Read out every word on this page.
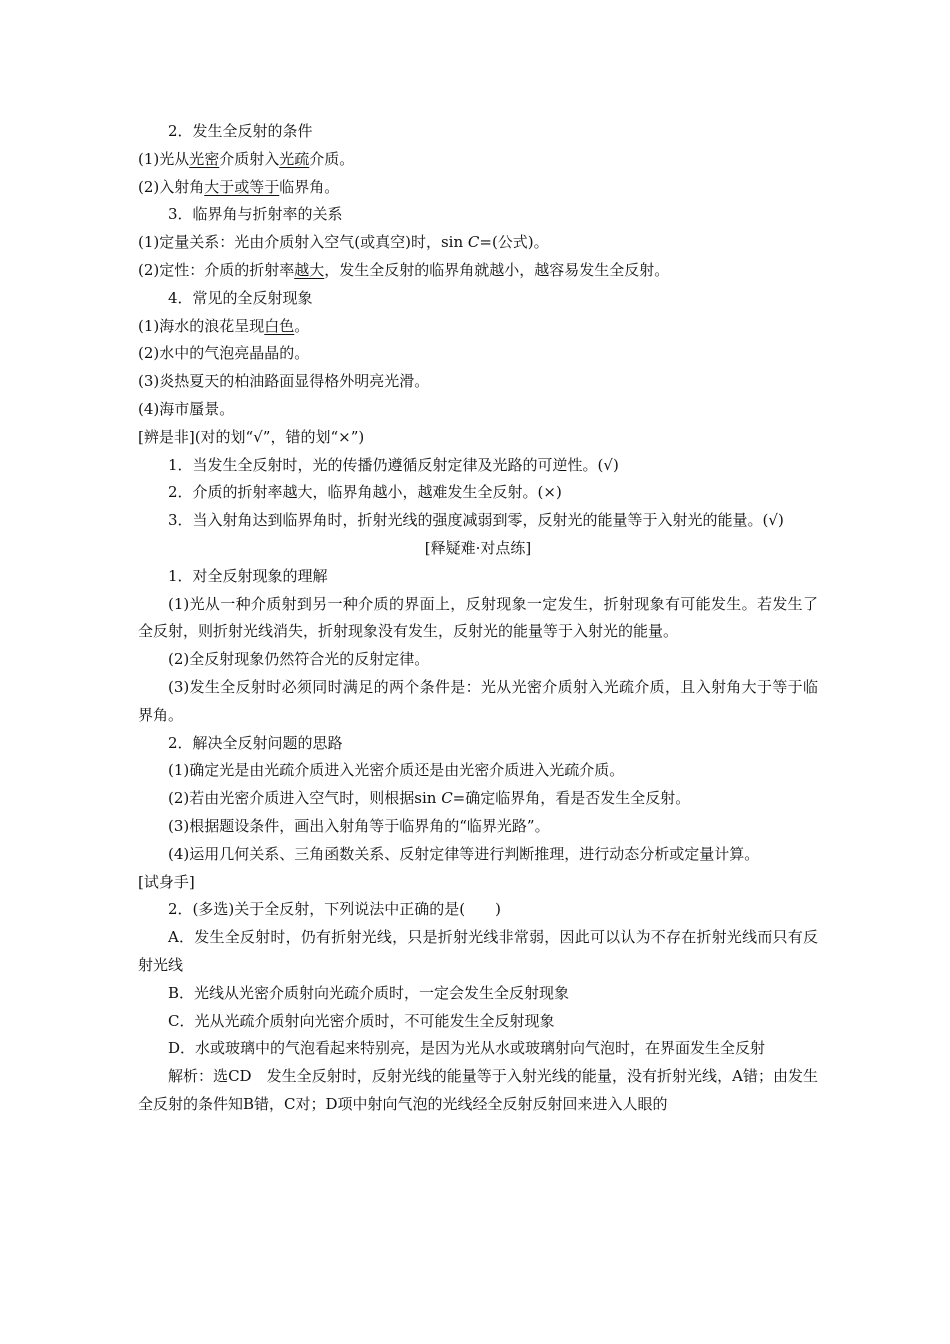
2．发生全反射的条件

(1)光从光密介质射入光疏介质。

(2)入射角大于或等于临界角。

3．临界角与折射率的关系

(1)定量关系：光由介质射入空气(或真空)时，sin C=(公式)。

(2)定性：介质的折射率越大，发生全反射的临界角就越小，越容易发生全反射。

4．常见的全反射现象

(1)海水的浪花呈现白色。

(2)水中的气泡亮晶晶的。

(3)炎热夏天的柏油路面显得格外明亮光滑。

(4)海市蜃景。

[辨是非](对的划“√”，错的划“×”)

1．当发生全反射时，光的传播仍遵循反射定律及光路的可逆性。(√)

2．介质的折射率越大，临界角越小，越难发生全反射。(×)

3．当入射角达到临界角时，折射光线的强度减弱到零，反射光的能量等于入射光的能量。(√)

[释疑难·对点练]

1．对全反射现象的理解

(1)光从一种介质射到另一种介质的界面上，反射现象一定发生，折射现象有可能发生。若发生了全反射，则折射光线消失，折射现象没有发生，反射光的能量等于入射光的能量。

(2)全反射现象仍然符合光的反射定律。

(3)发生全反射时必须同时满足的两个条件是：光从光密介质射入光疏介质，且入射角大于等于临界角。

2．解决全反射问题的思路

(1)确定光是由光疏介质进入光密介质还是由光密介质进入光疏介质。

(2)若由光密介质进入空气时，则根据sin C=确定临界角，看是否发生全反射。

(3)根据题设条件，画出入射角等于临界角的“临界光路”。

(4)运用几何关系、三角函数关系、反射定律等进行判断推理，进行动态分析或定量计算。

[试身手]

2．(多选)关于全反射，下列说法中正确的是(　　)

A．发生全反射时，仍有折射光线，只是折射光线非常弱，因此可以认为不存在折射光线而只有反射光线

B．光线从光密介质射向光疏介质时，一定会发生全反射现象

C．光从光疏介质射向光密介质时，不可能发生全反射现象

D．水或玻璃中的气泡看起来特别亮，是因为光从水或玻璃射向气泡时，在界面发生全反射

解析：选CD　发生全反射时，反射光线的能量等于入射光线的能量，没有折射光线，A错；由发生全反射的条件知B错，C对；D项中射向气泡的光线经全反射反射回来进入人眼的
